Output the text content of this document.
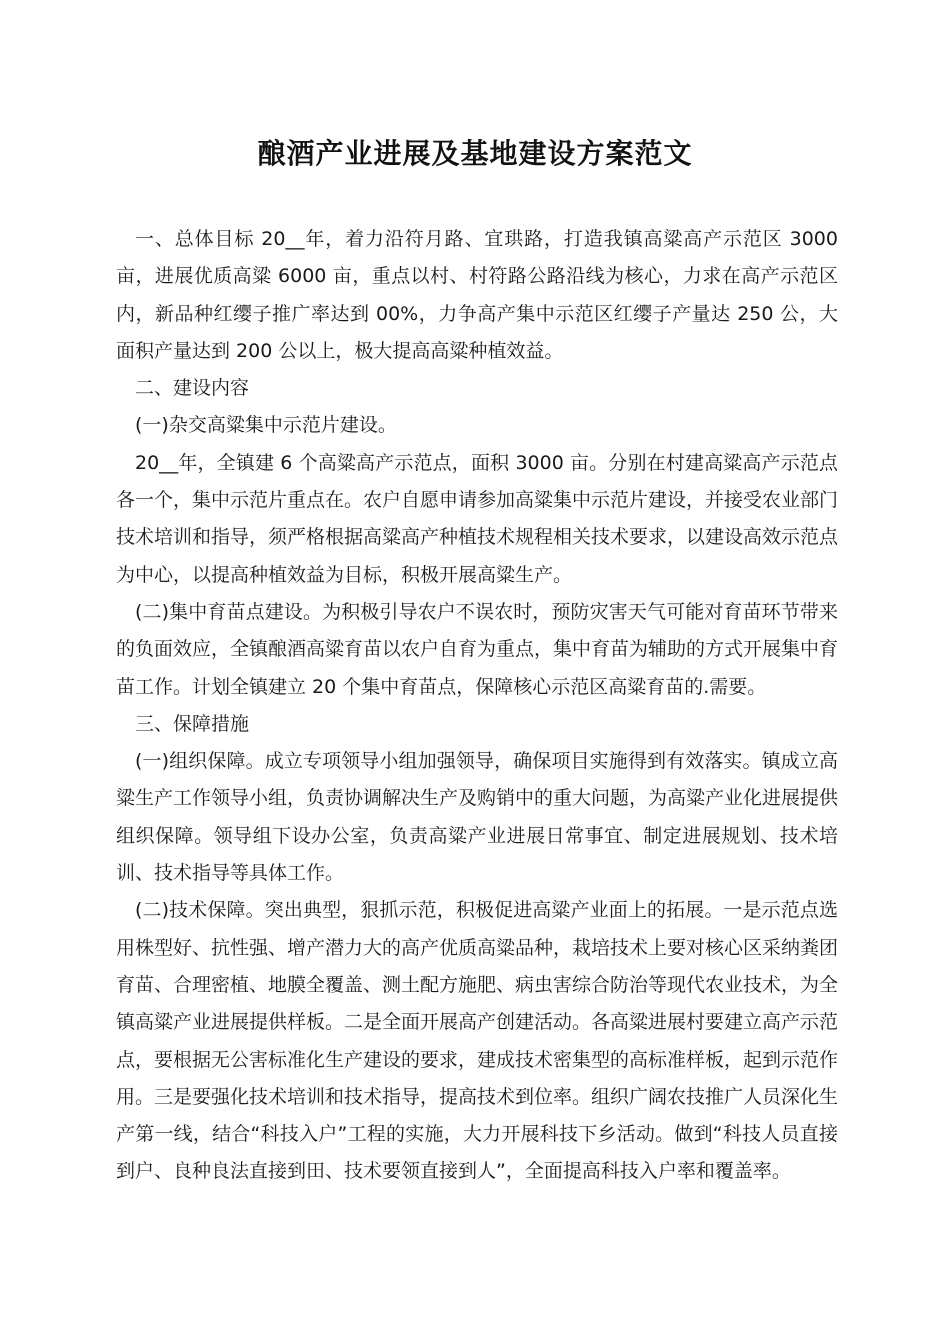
酿酒产业进展及基地建设方案范文

一、总体目标 20__年，着力沿符月路、宜珙路，打造我镇高粱高产示范区 3000 亩，进展优质高粱 6000 亩，重点以村、村符路公路沿线为核心，力求在高产示范区内，新品种红缨子推广率达到 00%，力争高产集中示范区红缨子产量达 250 公，大面积产量达到 200 公以上，极大提高高粱种植效益。

二、建设内容

(一)杂交高粱集中示范片建设。

20__年，全镇建 6 个高粱高产示范点，面积 3000 亩。分别在村建高粱高产示范点各一个，集中示范片重点在。农户自愿申请参加高粱集中示范片建设，并接受农业部门技术培训和指导，须严格根据高粱高产种植技术规程相关技术要求，以建设高效示范点为中心，以提高种植效益为目标，积极开展高粱生产。

(二)集中育苗点建设。为积极引导农户不误农时，预防灾害天气可能对育苗环节带来的负面效应，全镇酿酒高粱育苗以农户自育为重点，集中育苗为辅助的方式开展集中育苗工作。计划全镇建立 20 个集中育苗点，保障核心示范区高粱育苗的.需要。

三、保障措施

(一)组织保障。成立专项领导小组加强领导，确保项目实施得到有效落实。镇成立高粱生产工作领导小组，负责协调解决生产及购销中的重大问题，为高粱产业化进展提供组织保障。领导组下设办公室，负责高粱产业进展日常事宜、制定进展规划、技术培训、技术指导等具体工作。

(二)技术保障。突出典型，狠抓示范，积极促进高粱产业面上的拓展。一是示范点选用株型好、抗性强、增产潜力大的高产优质高粱品种，栽培技术上要对核心区采纳粪团育苗、合理密植、地膜全覆盖、测土配方施肥、病虫害综合防治等现代农业技术，为全镇高粱产业进展提供样板。二是全面开展高产创建活动。各高粱进展村要建立高产示范点，要根据无公害标准化生产建设的要求，建成技术密集型的高标准样板，起到示范作用。三是要强化技术培训和技术指导，提高技术到位率。组织广阔农技推广人员深化生产第一线，结合“科技入户”工程的实施，大力开展科技下乡活动。做到“科技人员直接到户、良种良法直接到田、技术要领直接到人”，全面提高科技入户率和覆盖率。
